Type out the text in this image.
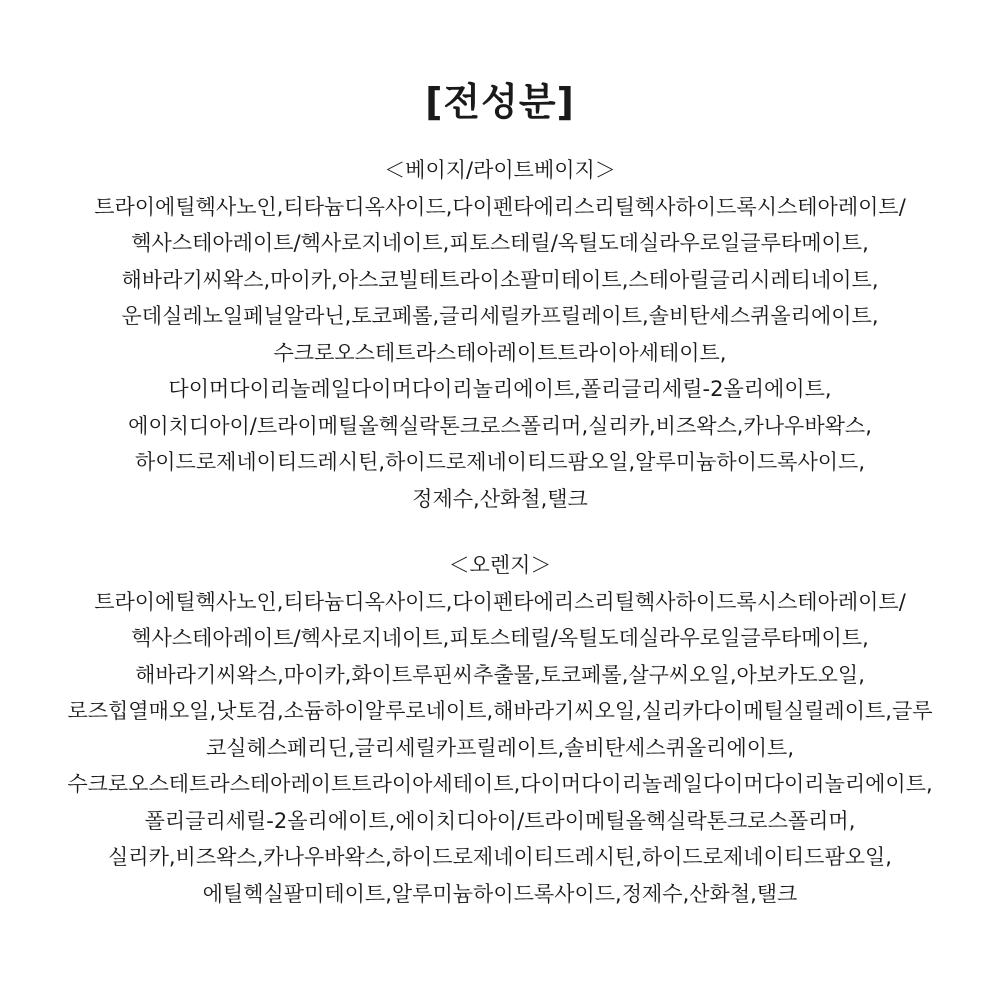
[전성분]
＜베이지/라이트베이지＞
트라이에틸헥사노인,티타늄디옥사이드,다이펜타에리스리틸헥사하이드록시스테아레이트/
헥사스테아레이트/헥사로지네이트,피토스테릴/옥틸도데실라우로일글루타메이트,
해바라기씨왁스,마이카,아스코빌테트라이소팔미테이트,스테아릴글리시레티네이트,
운데실레노일페닐알라닌,토코페롤,글리세릴카프릴레이트,솔비탄세스퀴올리에이트,
수크로오스테트라스테아레이트트라이아세테이트,
다이머다이리놀레일다이머다이리놀리에이트,폴리글리세릴-2올리에이트,
에이치디아이/트라이메틸올헥실락톤크로스폴리머,실리카,비즈왁스,카나우바왁스,
하이드로제네이티드레시틴,하이드로제네이티드팜오일,알루미늄하이드록사이드,
정제수,산화철,탤크
＜오렌지＞
트라이에틸헥사노인,티타늄디옥사이드,다이펜타에리스리틸헥사하이드록시스테아레이트/
헥사스테아레이트/헥사로지네이트,피토스테릴/옥틸도데실라우로일글루타메이트,
해바라기씨왁스,마이카,화이트루핀씨추출물,토코페롤,살구씨오일,아보카도오일,
로즈힙열매오일,낫토검,소듐하이알루로네이트,해바라기씨오일,실리카다이메틸실릴레이트,글루
코실헤스페리딘,글리세릴카프릴레이트,솔비탄세스퀴올리에이트,
수크로오스테트라스테아레이트트라이아세테이트,다이머다이리놀레일다이머다이리놀리에이트,
폴리글리세릴-2올리에이트,에이치디아이/트라이메틸올헥실락톤크로스폴리머,
실리카,비즈왁스,카나우바왁스,하이드로제네이티드레시틴,하이드로제네이티드팜오일,
에틸헥실팔미테이트,알루미늄하이드록사이드,정제수,산화철,탤크
